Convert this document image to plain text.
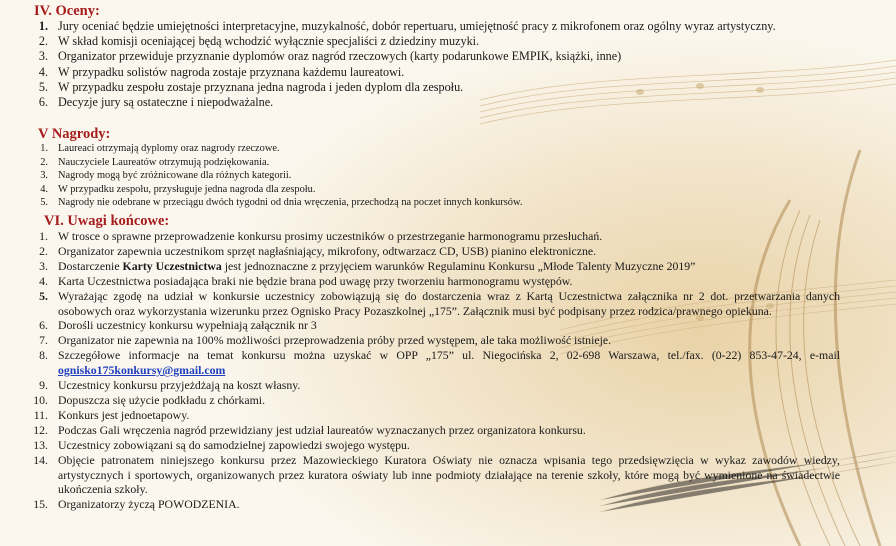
IV. Oceny:
1. Jury oceniać będzie umiejętności interpretacyjne, muzykalność, dobór repertuaru, umiejętność pracy z mikrofonem oraz ogólny wyraz artystyczny.
2. W skład komisji oceniającej będą wchodzić wyłącznie specjaliści z dziedziny muzyki.
3. Organizator przewiduje przyznanie dyplomów oraz nagród rzeczowych (karty podarunkowe EMPIK, książki, inne)
4. W przypadku solistów nagroda zostaje przyznana każdemu laureatowi.
5. W przypadku zespołu zostaje przyznana jedna nagroda i jeden dyplom dla zespołu.
6. Decyzje jury są ostateczne i niepodważalne.
V Nagrody:
1. Laureaci otrzymają dyplomy oraz nagrody rzeczowe.
2. Nauczyciele Laureatów otrzymują podziękowania.
3. Nagrody mogą być zróżnicowane dla różnych kategorii.
4. W przypadku zespołu, przysługuje jedna nagroda dla zespołu.
5. Nagrody nie odebrane w przeciągu dwóch tygodni od dnia wręczenia, przechodzą na poczet innych konkursów.
VI. Uwagi końcowe:
1. W trosce o sprawne przeprowadzenie konkursu prosimy uczestników o przestrzeganie harmonogramu przesłuchań.
2. Organizator zapewnia uczestnikom sprzęt nagłaśniający, mikrofony, odtwarzacz CD, USB) pianino elektroniczne.
3. Dostarczenie Karty Uczestnictwa jest jednoznaczne z przyjęciem warunków Regulaminu Konkursu „Młode Talenty Muzyczne 2019”
4. Karta Uczestnictwa posiadająca braki nie będzie brana pod uwagę przy tworzeniu harmonogramu występów.
5. Wyrażając zgodę na udział w konkursie uczestnicy zobowiązują się do dostarczenia wraz z Kartą Uczestnictwa załącznika nr 2 dot. przetwarzania danych osobowych oraz wykorzystania wizerunku przez Ognisko Pracy Pozaszkolnej „175”. Załącznik musi być podpisany przez rodzica/prawnego opiekuna.
6. Dorośli uczestnicy konkursu wypełniają załącznik nr 3
7. Organizator nie zapewnia na 100% możliwości przeprowadzenia próby przed występem, ale taka możliwość istnieje.
8. Szczegółowe informacje na temat konkursu można uzyskać w OPP „175” ul. Niegocińska 2, 02-698 Warszawa, tel./fax. (0-22) 853-47-24, e-mail ognisko175konkursy@gmail.com
9. Uczestnicy konkursu przyjeżdżają na koszt własny.
10. Dopuszcza się użycie podkładu z chórkami.
11. Konkurs jest jednoetapowy.
12. Podczas Gali wręczenia nagród przewidziany jest udział laureatów wyznaczanych przez organizatora konkursu.
13. Uczestnicy zobowiązani są do samodzielnej zapowiedzi swojego występu.
14. Objęcie patronatem niniejszego konkursu przez Mazowieckiego Kuratora Oświaty nie oznacza wpisania tego przedsięwzięcia w wykaz zawodów wiedzy, artystycznych i sportowych, organizowanych przez kuratora oświaty lub inne podmioty działające na terenie szkoły, które mogą być wymienione na świadectwie ukończenia szkoły.
15. Organizatorzy życzą POWODZENIA.
